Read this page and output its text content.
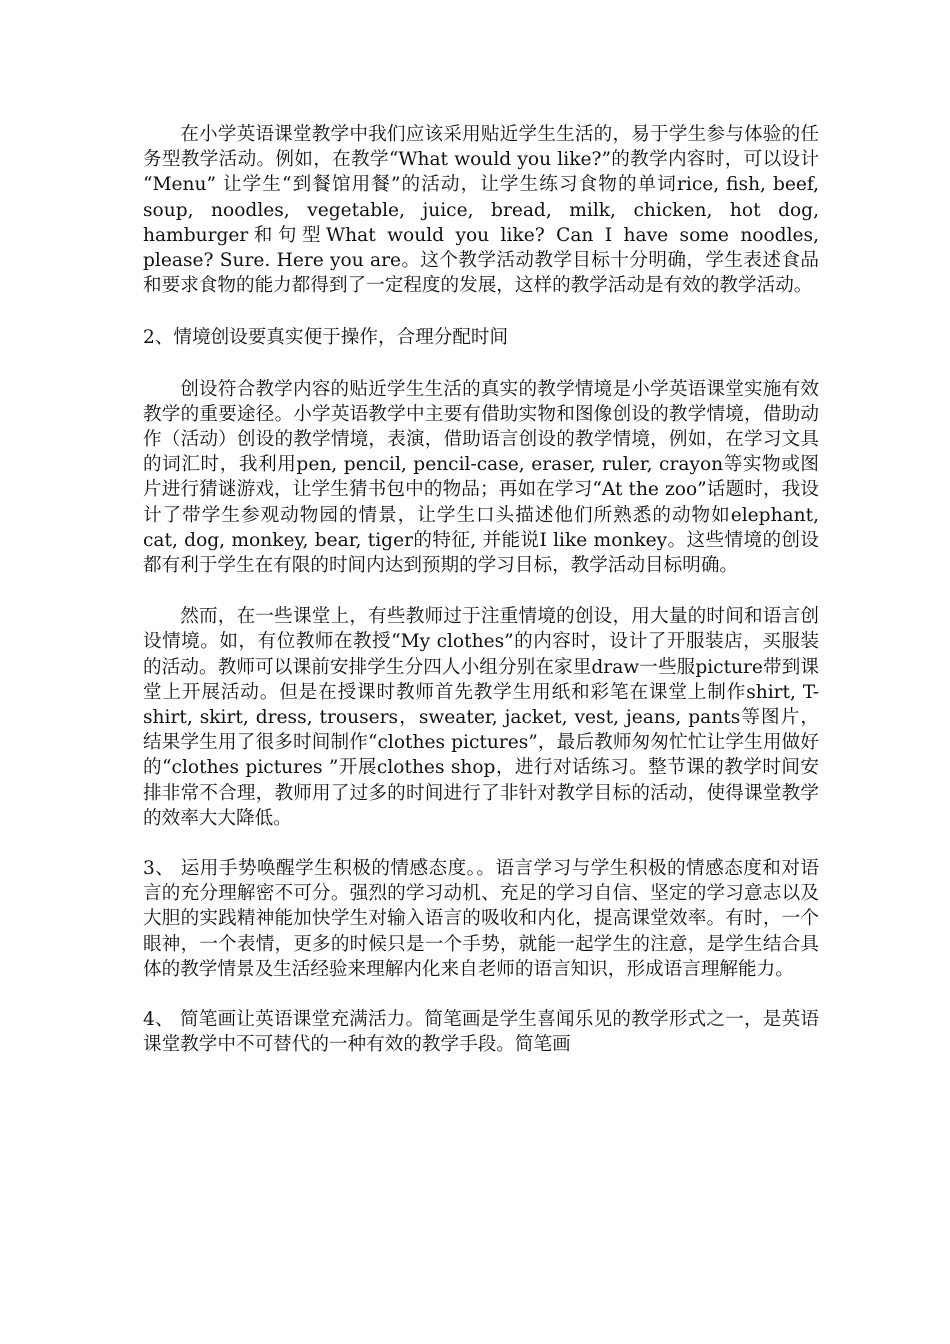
在小学英语课堂教学中我们应该采用贴近学生生活的，易于学生参与体验的任务型教学活动。例如，在教学“What would you like?”的教学内容时，可以设计 “Menu” 让学生“到餐馆用餐”的活动，让学生练习食物的单词rice, fish, beef, soup, noodles, vegetable, juice, bread, milk, chicken, hot dog, hamburger和句型What would you like? Can I have some noodles, please? Sure. Here you are。这个教学活动教学目标十分明确，学生表述食品和要求食物的能力都得到了一定程度的发展，这样的教学活动是有效的教学活动。

2、情境创设要真实便于操作，合理分配时间

创设符合教学内容的贴近学生生活的真实的教学情境是小学英语课堂实施有效教学的重要途径。小学英语教学中主要有借助实物和图像创设的教学情境，借助动作（活动）创设的教学情境，表演，借助语言创设的教学情境，例如，在学习文具的词汇时，我利用pen, pencil, pencil-case, eraser, ruler, crayon等实物或图片进行猜谜游戏，让学生猜书包中的物品；再如在学习“At the zoo”话题时，我设计了带学生参观动物园的情景，让学生口头描述他们所熟悉的动物如elephant, cat, dog, monkey, bear, tiger的特征, 并能说I like monkey。这些情境的创设都有利于学生在有限的时间内达到预期的学习目标，教学活动目标明确。

然而，在一些课堂上，有些教师过于注重情境的创设，用大量的时间和语言创设情境。如，有位教师在教授“My clothes”的内容时，设计了开服装店，买服装的活动。教师可以课前安排学生分四人小组分别在家里draw一些服picture带到课堂上开展活动。但是在授课时教师首先教学生用纸和彩笔在课堂上制作shirt, T-shirt, skirt, dress, trousers，sweater, jacket, vest, jeans, pants等图片，结果学生用了很多时间制作“clothes pictures”，最后教师匆匆忙忙让学生用做好的“clothes pictures ”开展clothes shop，进行对话练习。整节课的教学时间安排非常不合理，教师用了过多的时间进行了非针对教学目标的活动，使得课堂教学的效率大大降低。

3、 运用手势唤醒学生积极的情感态度。。语言学习与学生积极的情感态度和对语言的充分理解密不可分。强烈的学习动机、充足的学习自信、坚定的学习意志以及大胆的实践精神能加快学生对输入语言的吸收和内化，提高课堂效率。有时，一个眼神，一个表情，更多的时候只是一个手势，就能一起学生的注意，是学生结合具体的教学情景及生活经验来理解内化来自老师的语言知识，形成语言理解能力。

4、 简笔画让英语课堂充满活力。简笔画是学生喜闻乐见的教学形式之一，是英语课堂教学中不可替代的一种有效的教学手段。简笔画
